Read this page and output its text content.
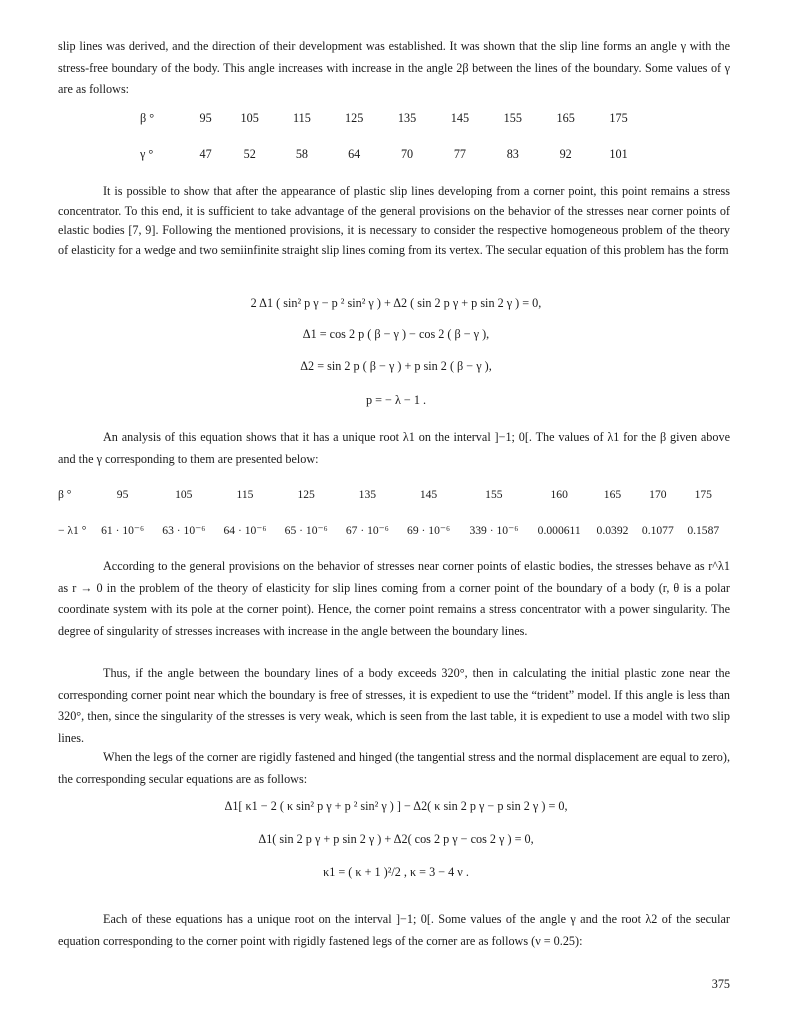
slip lines was derived, and the direction of their development was established. It was shown that the slip line forms an angle γ with the stress-free boundary of the body. This angle increases with increase in the angle 2β between the lines of the boundary. Some values of γ are as follows:

β °	95	105	115	125	135	145	155	165	175
γ °	47	52	58	64	70	77	83	92	101

It is possible to show that after the appearance of plastic slip lines developing from a corner point, this point remains a stress concentrator. To this end, it is sufficient to take advantage of the general provisions on the behavior of the stresses near corner points of elastic bodies [7, 9]. Following the mentioned provisions, it is necessary to consider the respective homogeneous problem of the theory of elasticity for a wedge and two semiinfinite straight slip lines coming from its vertex. The secular equation of this problem has the form

2 Δ1 ( sin² p γ − p ² sin² γ ) + Δ2 ( sin 2 p γ + p sin 2 γ ) = 0,
Δ1 = cos 2 p ( β − γ ) − cos 2 ( β − γ ),
Δ2 = sin 2 p ( β − γ ) + p sin 2 ( β − γ ),
p = − λ − 1 .

An analysis of this equation shows that it has a unique root λ1 on the interval ]−1; 0[. The values of λ1 for the β given above and the γ corresponding to them are presented below:

β °	95	105	115	125	135	145	155	160	165	170	175
− λ1 °	61 · 10⁻⁶	63 · 10⁻⁶	64 · 10⁻⁶	65 · 10⁻⁶	67 · 10⁻⁶	69 · 10⁻⁶	339 · 10⁻⁶	0.000611	0.0392	0.1077	0.1587

According to the general provisions on the behavior of stresses near corner points of elastic bodies, the stresses behave as r^λ1 as r → 0 in the problem of the theory of elasticity for slip lines coming from a corner point of the boundary of a body (r, θ is a polar coordinate system with its pole at the corner point). Hence, the corner point remains a stress concentrator with a power singularity. The degree of singularity of stresses increases with increase in the angle between the boundary lines.

Thus, if the angle between the boundary lines of a body exceeds 320°, then in calculating the initial plastic zone near the corresponding corner point near which the boundary is free of stresses, it is expedient to use the “trident” model. If this angle is less than 320°, then, since the singularity of the stresses is very weak, which is seen from the last table, it is expedient to use a model with two slip lines.

When the legs of the corner are rigidly fastened and hinged (the tangential stress and the normal displacement are equal to zero), the corresponding secular equations are as follows:

Δ1[ κ1 − 2 ( κ sin² p γ + p ² sin² γ ) ] − Δ2( κ sin 2 p γ − p sin 2 γ ) = 0,
Δ1( sin 2 p γ + p sin 2 γ ) + Δ2( cos 2 p γ − cos 2 γ ) = 0,
κ1 = ( κ + 1 )²/2 , κ = 3 − 4 ν .

Each of these equations has a unique root on the interval ]−1; 0[. Some values of the angle γ and the root λ2 of the secular equation corresponding to the corner point with rigidly fastened legs of the corner are as follows (ν = 0.25):

375
